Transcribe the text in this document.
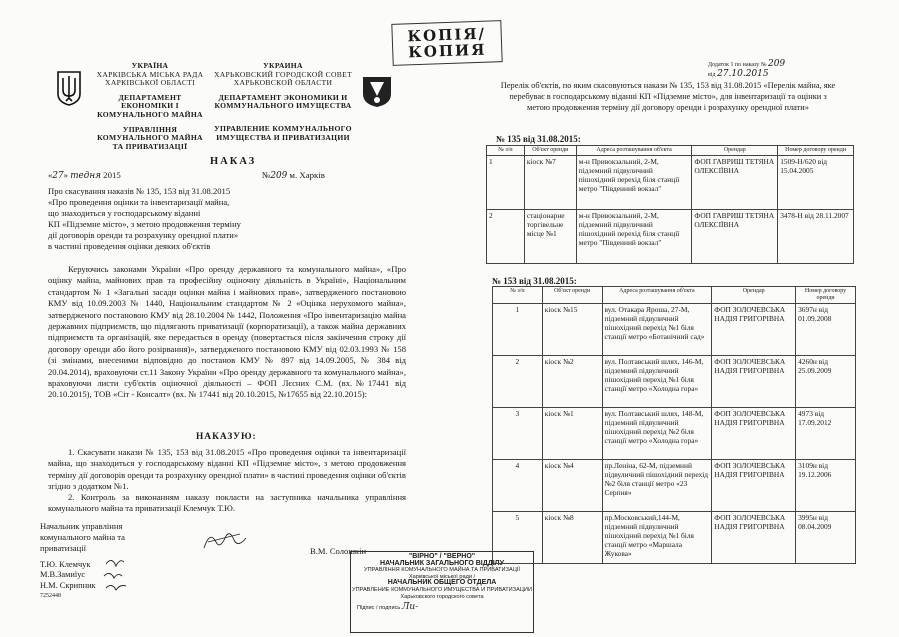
КОПІЯ/
КОПИЯ
УКРАЇНА
ХАРКІВСЬКА МІСЬКА РАДА
ХАРКІВСЬКОЇ ОБЛАСТІ
ДЕПАРТАМЕНТ
ЕКОНОМІКИ І
КОМУНАЛЬНОГО МАЙНА
УПРАВЛІННЯ
КОМУНАЛЬНОГО МАЙНА
ТА ПРИВАТИЗАЦІЇ
УКРАИНА
ХАРЬКОВСКИЙ ГОРОДСКОЙ СОВЕТ
ХАРЬКОВСКОЙ ОБЛАСТИ
ДЕПАРТАМЕНТ ЭКОНОМИКИ И
КОММУНАЛЬНОГО ИМУЩЕСТВА
УПРАВЛЕНИЕ КОММУНАЛЬНОГО
ИМУЩЕСТВА И ПРИВАТИЗАЦИИ
НАКАЗ
«27» тедня 2015	№209 м. Харків
Про скасування наказів № 135, 153 від 31.08.2015
«Про проведення оцінки та інвентаризації майна,
що знаходиться у господарському віданні
КП «Підземне місто», з метою продовження терміну
дії договорів оренди та розрахунку орендної плати»
в частині проведення оцінки деяких об'єктів
Керуючись законами України «Про оренду державного та комунального майна», «Про оцінку майна, майнових прав та професійну оціночну діяльність в Україні», Національним стандартом № 1 «Загальні засади оцінки майна і майнових прав», затвердженого постановою КМУ від 10.09.2003 № 1440, Національним стандартом № 2 «Оцінка нерухомого майна», затвердженого постановою КМУ від 28.10.2004 № 1442, Положення «Про інвентаризацію майна державних підприємств, що підлягають приватизації (корпоратизації), а також майна державних підприємств та організацій, яке передається в оренду (повертається після закінчення строку дії договору оренди або його розірвання)», затвердженого постановою КМУ від 02.03.1993 № 158 (зі змінами, внесеними відповідно до постанов КМУ № 897 від 14.09.2005, № 384 від 20.04.2014), враховуючи ст.11 Закону України «Про оренду державного та комунального майна», враховуючи листи суб'єктів оціночної діяльності – ФОП Лєсних С.М. (вх.№17441 від 20.10.2015), ТОВ «Сіт - Консалт» (вх. № 17441 від 20.10.2015, №17655 від 22.10.2015):
НАКАЗУЮ:
1. Скасувати накази № 135, 153 від 31.08.2015 «Про проведення оцінки та інвентаризації майна, що знаходиться у господарському віданні КП «Підземне місто», з метою продовження терміну дії договорів оренди та розрахунку орендної плати» в частині проведення оцінки об'єктів згідно з додатком №1.
2. Контроль за виконанням наказу покласти на заступника начальника управління комунального майна та приватизації Клемчук Т.Ю.
Начальник управління
комунального майна та
приватизації	В.М. Солошкін
Т.Ю. Клемчук
М.В.Замиїус
Н.М. Скрипник
7252448
"ВІРНО" / "ВЕРНО"
НАЧАЛЬНИК ЗАГАЛЬНОГО ВІДДІЛУ
УПРАВЛІННЯ КОМУНАЛЬНОГО МАЙНА ТА ПРИВАТИЗАЦІЇ
Харківської міської ради /
НАЧАЛЬНИК ОБЩЕГО ОТДЕЛА
УПРАВЛЕНИЕ КОММУНАЛЬНОГО ИМУЩЕСТВА И ПРИВАТИЗАЦИИ
Харьковского городского совета
Підпис / подпись Ли-
Додаток 1 по наказу № 209
від 27.10.2015
Перелік об'єктів, по яким скасовуються накази № 135, 153 від 31.08.2015 «Перелік майна, яке перебуває в господарському віданні КП «Підземне місто», для інвентаризації та оцінки з метою продовження терміну дії договору оренди і розрахунку орендної плати»
№ 135 від 31.08.2015:
№ з/п	Об'єкт оренди	Адреса розташування об'єкта	Орендар	Номер договору оренди
1	кіоск №7	м-н Привокзальний, 2-М, підземний підвуличний пішохідний перехід біля станції метро "Південний вокзал"	ФОП ГАВРИШ ТЕТЯНА ОЛЕКСІЇВНА	1509-Н/620 від 15.04.2005
2	стаціонарне торгівельне місце №1	м-н Привокзальний, 2-М, підземний підвуличний пішохідний перехід біля станції метро "Південний вокзал"	ФОП ГАВРИШ ТЕТЯНА ОЛЕКСІЇВНА	3478-Н від 28.11.2007
№ 153 від 31.08.2015:
№ з/п	Об'єкт оренди	Адреса розташування об'єкта	Орендар	Номер договору оренди
1	кіоск №15	вул. Отакара Яроша, 27-М, підземний підвуличний пішохідний перехід №1 біля станції метро «Ботанічний сад»	ФОП ЗОЛОЧЕВСЬКА НАДІЯ ГРИГОРІВНА	3697н від 01.09.2008
2	кіоск №2	вул. Полтавський шлях, 146-М, підземний підвуличний пішохідний перехід №1 біля станції метро «Холодна гора»	ФОП ЗОЛОЧЕВСЬКА НАДІЯ ГРИГОРІВНА	4260н від 25.09.2009
3	кіоск №1	вул. Полтавський шлях, 148-М, підземний підвуличний пішохідний перехід №2 біля станції метро «Холодна гора»	ФОП ЗОЛОЧЕВСЬКА НАДІЯ ГРИГОРІВНА	4973 від 17.09.2012
4	кіоск №4	пр.Леніна, 62-М, підземний підвуличний пішохідний перехід №2 біля станції метро «23 Серпня»	ФОП ЗОЛОЧЕВСЬКА НАДІЯ ГРИГОРІВНА	3109н від 19.12.2006
5	кіоск №8	пр.Московський,144-М, підземний підвуличний пішохідний перехід №1 біля станції метро «Маршала Жукова»	ФОП ЗОЛОЧЕВСЬКА НАДІЯ ГРИГОРІВНА	3995н від 08.04.2009
